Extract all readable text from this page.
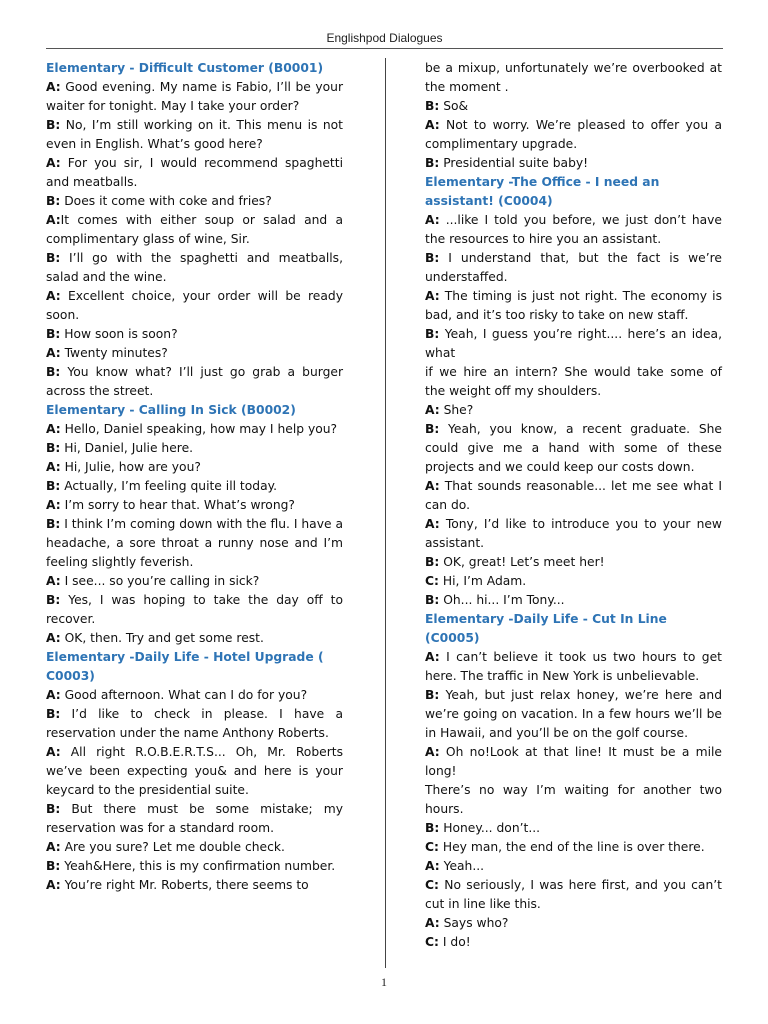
Englishpod Dialogues

Elementary - Difficult Customer (B0001)

A: Good evening. My name is Fabio, I’ll be your waiter for tonight. May I take your order?

B: No, I’m still working on it. This menu is not even in English. What’s good here?

A: For you sir, I would recommend spaghetti and meatballs.

B: Does it come with coke and fries?

A:It comes with either soup or salad and a complimentary glass of wine, Sir.

B: I’ll go with the spaghetti and meatballs, salad and the wine.

A: Excellent choice, your order will be ready soon.

B: How soon is soon?

A: Twenty minutes?

B: You know what? I’ll just go grab a burger across the street.

Elementary - Calling In Sick (B0002)

A: Hello, Daniel speaking, how may I help you?

B: Hi, Daniel, Julie here.

A: Hi, Julie, how are you?

B: Actually, I’m feeling quite ill today.

A: I’m sorry to hear that. What’s wrong?

B: I think I’m coming down with the flu. I have a headache, a sore throat a runny nose and I’m feeling slightly feverish.

A: I see... so you’re calling in sick?

B: Yes, I was hoping to take the day off to recover.

A: OK, then. Try and get some rest.

Elementary -Daily Life - Hotel Upgrade ( C0003)

A: Good afternoon. What can I do for you?

B: I’d like to check in please. I have a reservation under the name Anthony Roberts.

A: All right R.O.B.E.R.T.S... Oh, Mr. Roberts we’ve been expecting you& and here is your keycard to the presidential suite.

B: But there must be some mistake; my reservation was for a standard room.

A: Are you sure? Let me double check.

B: Yeah&Here, this is my confirmation number.

A: You’re right Mr. Roberts, there seems to

be a mixup, unfortunately we’re overbooked at the moment .

B: So&

A: Not to worry. We’re pleased to offer you a complimentary upgrade.

B: Presidential suite baby!

Elementary -The Office - I need an assistant! (C0004)

A: ...like I told you before, we just don’t have the resources to hire you an assistant.

B: I understand that, but the fact is we’re understaffed.

A: The timing is just not right. The economy is bad, and it’s too risky to take on new staff.

B: Yeah, I guess you’re right.... here’s an idea, what

if we hire an intern? She would take some of the weight off my shoulders.

A: She?

B: Yeah, you know, a recent graduate. She could give me a hand with some of these projects and we could keep our costs down.

A: That sounds reasonable... let me see what I can do.

A: Tony, I’d like to introduce you to your new assistant.

B: OK, great! Let’s meet her!

C: Hi, I’m Adam.

B: Oh... hi... I’m Tony...

Elementary -Daily Life - Cut In Line (C0005)

A: I can’t believe it took us two hours to get here. The traffic in New York is unbelievable.

B: Yeah, but just relax honey, we’re here and we’re going on vacation. In a few hours we’ll be in Hawaii, and you’ll be on the golf course.

A: Oh no!Look at that line! It must be a mile long!

There’s no way I’m waiting for another two hours.

B: Honey... don’t...

C: Hey man, the end of the line is over there.

A: Yeah...

C: No seriously, I was here first, and you can’t cut in line like this.

A: Says who?

C: I do!

1
